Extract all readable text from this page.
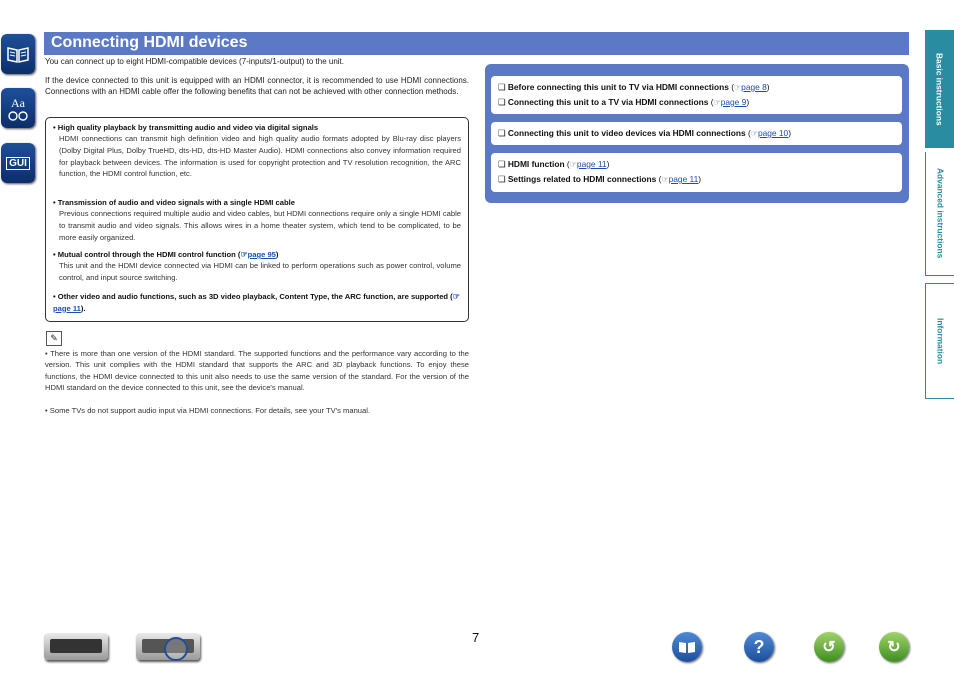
Aa
GUI
Connecting HDMI devices
You can connect up to eight HDMI-compatible devices (7-inputs/1-output) to the unit.
If the device connected to this unit is equipped with an HDMI connector, it is recommended to use HDMI connections. Connections with an HDMI cable offer the following benefits that can not be achieved with other connection methods.
• High quality playback by transmitting audio and video via digital signals
HDMI connections can transmit high definition video and high quality audio formats adopted by Blu-ray disc players (Dolby Digital Plus, Dolby TrueHD, dts-HD, dts-HD Master Audio). HDMI connections also convey information required for playback between devices. The information is used for copyright protection and TV resolution recognition, the ARC function, the HDMI control function, etc.
• Transmission of audio and video signals with a single HDMI cable
Previous connections required multiple audio and video cables, but HDMI connections require only a single HDMI cable to transmit audio and video signals. This allows wires in a home theater system, which tend to be complicated, to be more easily organized.
• Mutual control through the HDMI control function (☞page 95)
This unit and the HDMI device connected via HDMI can be linked to perform operations such as power control, volume control, and input source switching.
• Other video and audio functions, such as 3D video playback, Content Type, the ARC function, are supported (☞page 11).
✎
• There is more than one version of the HDMI standard. The supported functions and the performance vary according to the version. This unit complies with the HDMI standard that supports the ARC and 3D playback functions. To enjoy these functions, the HDMI device connected to this unit also needs to use the same version of the standard. For the version of the HDMI standard on the device connected to this unit, see the device's manual.
• Some TVs do not support audio input via HDMI connections. For details, see your TV's manual.
❏ Before connecting this unit to TV via HDMI connections (☞page 8)
❏ Connecting this unit to a TV via HDMI connections (☞page 9)
❏ Connecting this unit to video devices via HDMI connections (☞page 10)
❏ HDMI function (☞page 11)
❏ Settings related to HDMI connections (☞page 11)
Basic instructions
Advanced instructions
Information
7	?	↺	↻
